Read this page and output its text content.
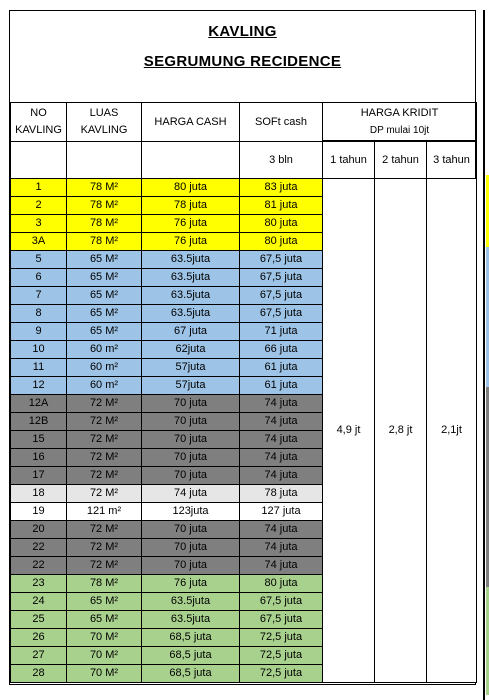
KAVLING
SEGRUMUNG RECIDENCE
NO KAVLING	LUAS KAVLING	HARGA CASH	SOFt cash	HARGA KRIDIT
DP mulai 10jt		

			3 bln	1 tahun	2 tahun	3 tahun
1	78 M²	80 juta	83 juta	4,9 jt	2,8 jt	2,1jt
2	78 M²	78 juta	81 juta			
3	78 M²	76 juta	80 juta			
3A	78 M²	76 juta	80 juta			
5	65 M²	63.5juta	67,5 juta			
6	65 M²	63.5juta	67,5 juta			
7	65 M²	63.5juta	67,5 juta			
8	65 M²	63.5juta	67,5 juta			
9	65 M²	67 juta	71 juta			
10	60 m²	62juta	66 juta			
11	60 m²	57juta	61 juta			
12	60 m²	57juta	61 juta			
12A	72 M²	70 juta	74 juta			
12B	72 M²	70 juta	74 juta			
15	72 M²	70 juta	74 juta			
16	72 M²	70 juta	74 juta			
17	72 M²	70 juta	74 juta			
18	72 M²	74 juta	78 juta			
19	121 m²	123juta	127 juta			
20	72 M²	70 juta	74 juta			
22	72 M²	70 juta	74 juta			
22	72 M²	70 juta	74 juta			
23	78 M²	76 juta	80 juta			
24	65 M²	63.5juta	67,5 juta			
25	65 M²	63.5juta	67,5 juta			
26	70 M²	68,5 juta	72,5 juta			
27	70 M²	68,5 juta	72,5 juta			
28	70 M²	68,5 juta	72,5 juta			
